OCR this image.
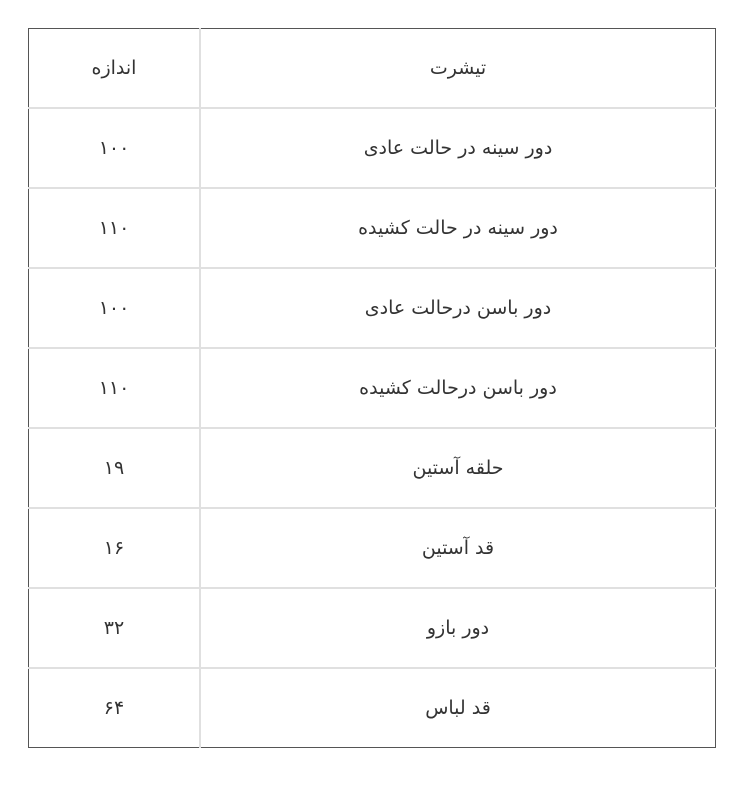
تیشرت	اندازه
دور سینه در حالت عادی	۱۰۰
دور سینه در حالت کشیده	۱۱۰
دور باسن درحالت عادی	۱۰۰
دور باسن درحالت کشیده	۱۱۰
حلقه آستین	۱۹
قد آستین	۱۶
دور بازو	۳۲
قد لباس	۶۴
